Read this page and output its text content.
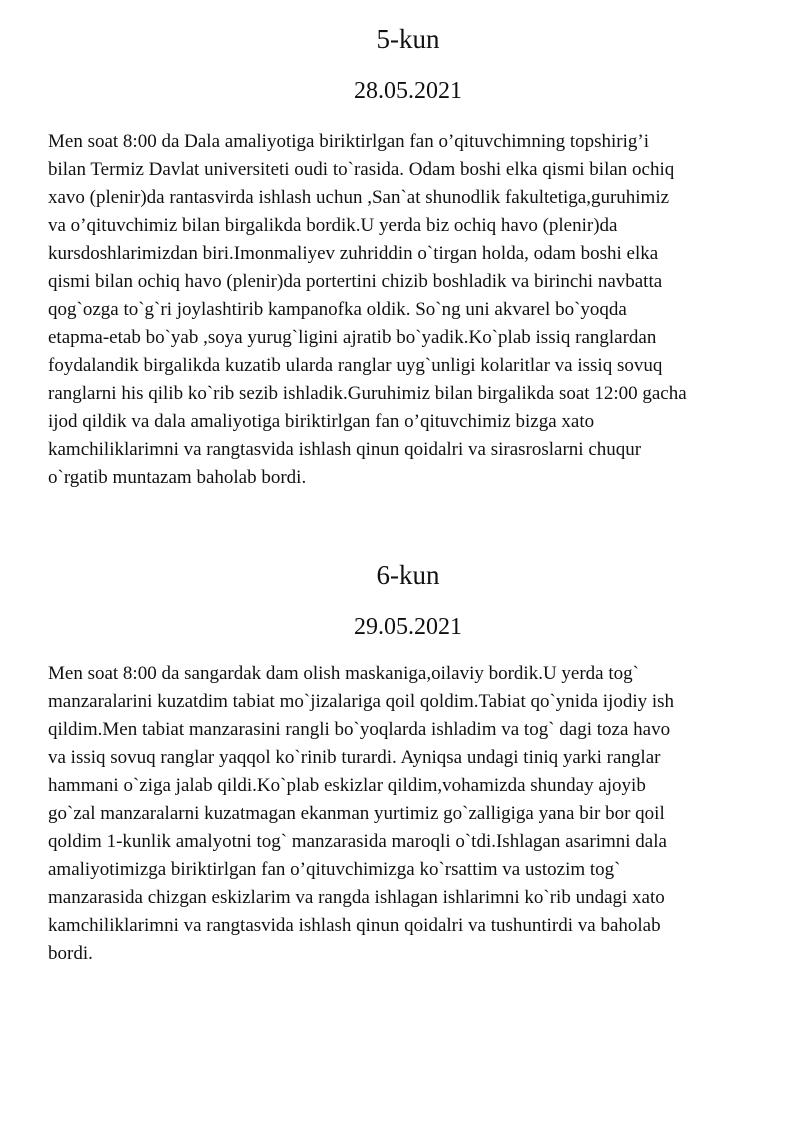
5-kun
28.05.2021

Men soat 8:00 da Dala amaliyotiga biriktirlgan fan o’qituvchimning topshirig’i
bilan Termiz Davlat universiteti oudi to`rasida. Odam boshi elka qismi bilan ochiq
xavo (plenir)da rantasvirda ishlash uchun ,San`at shunodlik fakultetiga,guruhimiz
va o’qituvchimiz bilan birgalikda bordik.U yerda biz ochiq havo (plenir)da
kursdoshlarimizdan biri.Imonmaliyev zuhriddin o`tirgan holda, odam boshi elka
qismi bilan ochiq havo (plenir)da portertini chizib boshladik va birinchi navbatta
qog`ozga to`g`ri joylashtirib kampanofka oldik. So`ng uni akvarel bo`yoqda
etapma-etab bo`yab ,soya yurug`ligini ajratib bo`yadik.Ko`plab issiq ranglardan
foydalandik birgalikda kuzatib ularda ranglar uyg`unligi kolaritlar va issiq sovuq
ranglarni his qilib ko`rib sezib ishladik.Guruhimiz bilan birgalikda soat 12:00 gacha
ijod qildik va dala amaliyotiga biriktirlgan fan o’qituvchimiz bizga xato
kamchiliklarimni va rangtasvida ishlash qinun qoidalri va sirasroslarni chuqur
o`rgatib muntazam baholab bordi.

6-kun
29.05.2021

Men soat 8:00 da sangardak dam olish maskaniga,oilaviy bordik.U yerda tog`
manzaralarini kuzatdim tabiat mo`jizalariga qoil qoldim.Tabiat qo`ynida ijodiy ish
qildim.Men tabiat manzarasini rangli bo`yoqlarda ishladim va tog` dagi toza havo
va issiq sovuq ranglar yaqqol ko`rinib turardi. Ayniqsa undagi tiniq yarki ranglar
hammani o`ziga jalab qildi.Ko`plab eskizlar qildim,vohamizda shunday ajoyib
go`zal manzaralarni kuzatmagan ekanman yurtimiz go`zalligiga yana bir bor qoil
qoldim 1-kunlik amalyotni tog` manzarasida maroqli o`tdi.Ishlagan asarimni dala
amaliyotimizga biriktirlgan fan o’qituvchimizga ko`rsattim va ustozim tog`
manzarasida chizgan eskizlarim va rangda ishlagan ishlarimni ko`rib undagi xato
kamchiliklarimni va rangtasvida ishlash qinun qoidalri va tushuntirdi va baholab
bordi.
